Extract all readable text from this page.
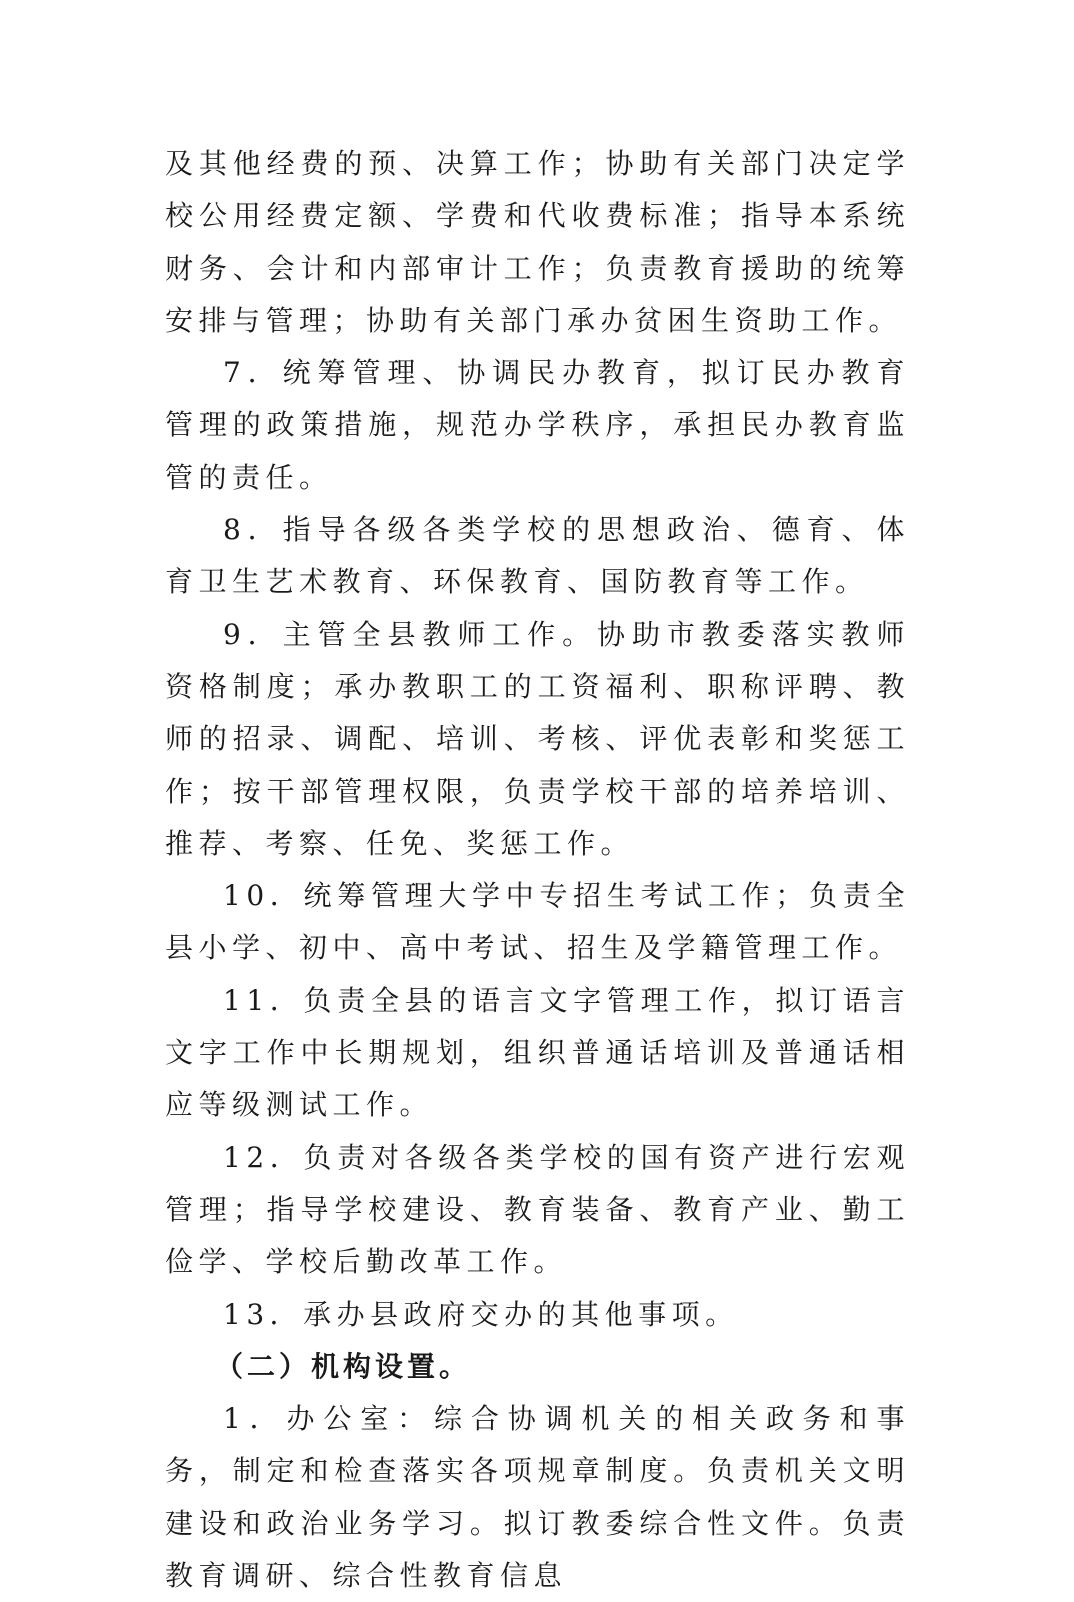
及其他经费的预、决算工作；协助有关部门决定学校公用经费定额、学费和代收费标准；指导本系统财务、会计和内部审计工作；负责教育援助的统筹安排与管理；协助有关部门承办贫困生资助工作。

7．统筹管理、协调民办教育，拟订民办教育管理的政策措施，规范办学秩序，承担民办教育监管的责任。

8．指导各级各类学校的思想政治、德育、体育卫生艺术教育、环保教育、国防教育等工作。

9．主管全县教师工作。协助市教委落实教师资格制度；承办教职工的工资福利、职称评聘、教师的招录、调配、培训、考核、评优表彰和奖惩工作；按干部管理权限，负责学校干部的培养培训、推荐、考察、任免、奖惩工作。

10．统筹管理大学中专招生考试工作；负责全县小学、初中、高中考试、招生及学籍管理工作。

11．负责全县的语言文字管理工作，拟订语言文字工作中长期规划，组织普通话培训及普通话相应等级测试工作。

12．负责对各级各类学校的国有资产进行宏观管理；指导学校建设、教育装备、教育产业、勤工俭学、学校后勤改革工作。

13．承办县政府交办的其他事项。

（二）机构设置。

1．办公室：综合协调机关的相关政务和事务，制定和检查落实各项规章制度。负责机关文明建设和政治业务学习。拟订教委综合性文件。负责教育调研、综合性教育信息
